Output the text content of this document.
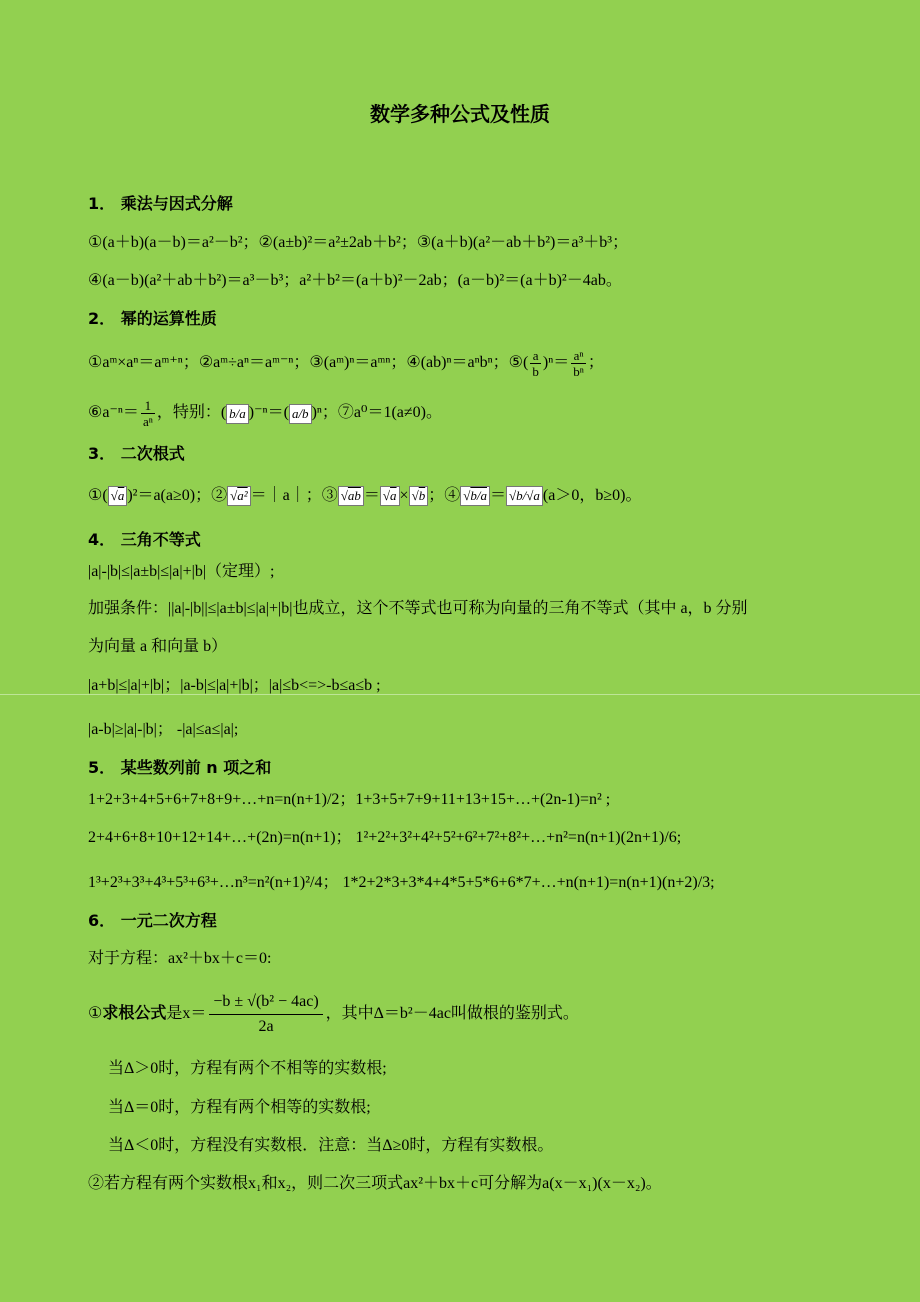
数学多种公式及性质
1． 乘法与因式分解
①(a＋b)(a－b)＝a²－b²；②(a±b)²＝a²±2ab＋b²；③(a＋b)(a²－ab＋b²)＝a³＋b³；
④(a－b)(a²＋ab＋b²)＝a³－b³；a²＋b²＝(a＋b)²－2ab；(a－b)²＝(a＋b)²－4ab。
2． 幂的运算性质
①aᵐ×aⁿ＝aᵐ⁺ⁿ；②aᵐ÷aⁿ＝aᵐ⁻ⁿ；③(aᵐ)ⁿ＝aᵐⁿ；④(ab)ⁿ＝aⁿbⁿ；⑤( $\frac{a}{b} )^n= \frac{\text{aⁿ}}{\text{bⁿ}}$ ；
⑥a⁻ⁿ＝ $\frac{1}{\text{aⁿ}}$ ，特别：( b/a )⁻ⁿ＝( a/b )ⁿ；⑦a⁰＝1(a≠0)。
3． 二次根式
①( √a )²＝a(a≥0)；② √a² ＝｜a｜；③ √ab ＝ √a × √b ；④ √b/a ＝ √b/√a (a＞0，b≥0)。
4． 三角不等式
|a|-|b|≤|a±b|≤|a|+|b|（定理）;
加强条件：||a|-|b||≤|a±b|≤|a|+|b|也成立，这个不等式也可称为向量的三角不等式（其中 a，b 分别
为向量 a 和向量 b）
|a+b|≤|a|+|b|；|a-b|≤|a|+|b|；|a|≤b<=>-b≤a≤b ;
|a-b|≥|a|-|b|； -|a|≤a≤|a|;
5． 某些数列前 n 项之和
1+2+3+4+5+6+7+8+9+…+n=n(n+1)/2；1+3+5+7+9+11+13+15+…+(2n-1)=n² ;
2+4+6+8+10+12+14+…+(2n)=n(n+1)； 1²+2²+3²+4²+5²+6²+7²+8²+…+n²=n(n+1)(2n+1)/6;
1³+2³+3³+4³+5³+6³+…n³=n²(n+1)²/4； 1*2+2*3+3*4+4*5+5*6+6*7+…+n(n+1)=n(n+1)(n+2)/3;
6． 一元二次方程
对于方程：ax²＋bx＋c＝0:
①求根公式是$x= \frac{\text{−b ± √(b² − 4ac)}}{2a}$ ，其中Δ＝b²－4ac叫做根的鉴别式。
当Δ＞0时，方程有两个不相等的实数根;
当Δ＝0时，方程有两个相等的实数根;
当Δ＜0时，方程没有实数根．注意：当Δ≥0时，方程有实数根。
②若方程有两个实数根x₁和x₂，则二次三项式ax²＋bx＋c可分解为a(x－x₁)(x－x₂)。
